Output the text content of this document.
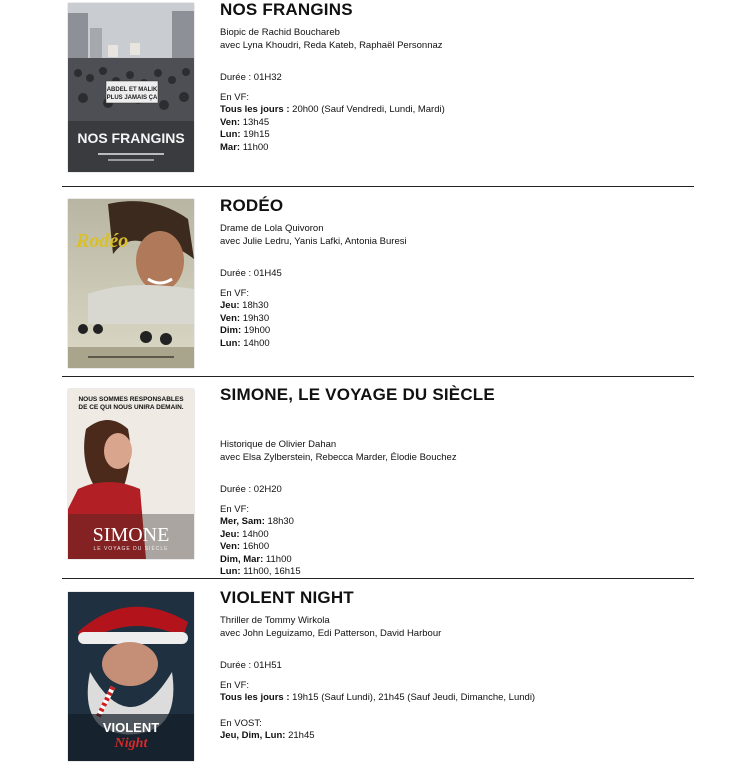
ABDEL ET MALIK
PLUS JAMAIS ÇA
NOS FRANGINS
NOS FRANGINS
Biopic de Rachid Bouchareb
avec Lyna Khoudri, Reda Kateb, Raphaël Personnaz
Durée : 01H32
En VF:
Tous les jours : 20h00 (Sauf Vendredi, Lundi, Mardi)
Ven: 13h45
Lun: 19h15
Mar: 11h00
Rodéo
RODÉO
Drame de Lola Quivoron
avec Julie Ledru, Yanis Lafki, Antonia Buresi
Durée : 01H45
En VF:
Jeu: 18h30
Ven: 19h30
Dim: 19h00
Lun: 14h00
NOUS SOMMES RESPONSABLES
DE CE QUI NOUS UNIRA DEMAIN.
SIMONE
LE VOYAGE DU SIÈCLE
SIMONE, LE VOYAGE DU SIÈCLE
Historique de Olivier Dahan
avec Elsa Zylberstein, Rebecca Marder, Élodie Bouchez
Durée : 02H20
En VF:
Mer, Sam: 18h30
Jeu: 14h00
Ven: 16h00
Dim, Mar: 11h00
Lun: 11h00, 16h15
VIOLENT
Night
VIOLENT NIGHT
Thriller de Tommy Wirkola
avec John Leguizamo, Edi Patterson, David Harbour
Durée : 01H51
En VF:
Tous les jours : 19h15 (Sauf Lundi), 21h45 (Sauf Jeudi, Dimanche, Lundi)
En VOST:
Jeu, Dim, Lun: 21h45
